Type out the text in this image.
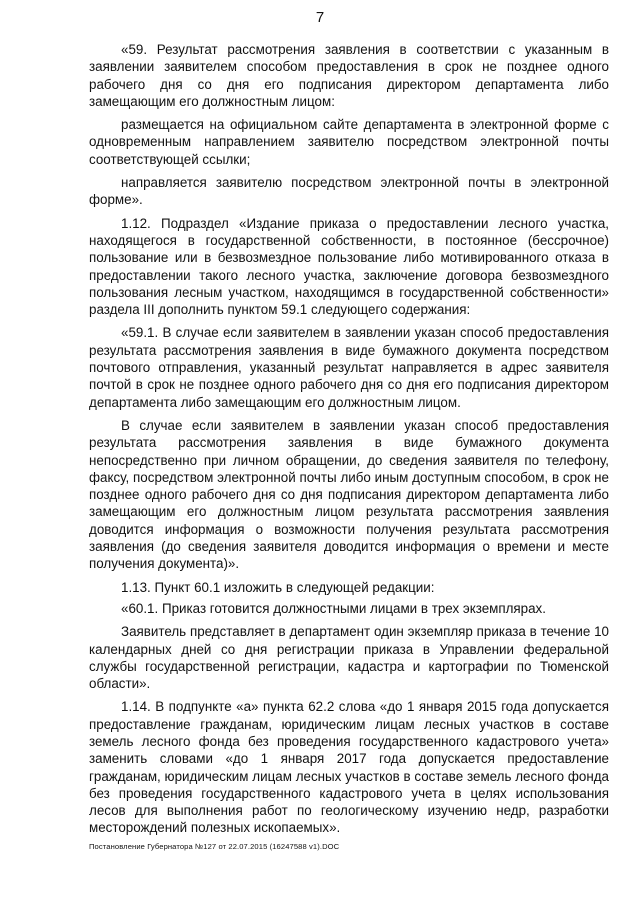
7

«59. Результат рассмотрения заявления в соответствии с указанным в заявлении заявителем способом предоставления в срок не позднее одного рабочего дня со дня его подписания директором департамента либо замещающим его должностным лицом:

размещается на официальном сайте департамента в электронной форме с одновременным направлением заявителю посредством электронной почты соответствующей ссылки;

направляется заявителю посредством электронной почты в электронной форме».

1.12. Подраздел «Издание приказа о предоставлении лесного участка, находящегося в государственной собственности, в постоянное (бессрочное) пользование или в безвозмездное пользование либо мотивированного отказа в предоставлении такого лесного участка, заключение договора безвозмездного пользования лесным участком, находящимся в государственной собственности» раздела III дополнить пунктом 59.1 следующего содержания:

«59.1. В случае если заявителем в заявлении указан способ предоставления результата рассмотрения заявления в виде бумажного документа посредством почтового отправления, указанный результат направляется в адрес заявителя почтой в срок не позднее одного рабочего дня со дня его подписания директором департамента либо замещающим его должностным лицом.

В случае если заявителем в заявлении указан способ предоставления результата рассмотрения заявления в виде бумажного документа непосредственно при личном обращении, до сведения заявителя по телефону, факсу, посредством электронной почты либо иным доступным способом, в срок не позднее одного рабочего дня со дня подписания директором департамента либо замещающим его должностным лицом результата рассмотрения заявления доводится информация о возможности получения результата рассмотрения заявления (до сведения заявителя доводится информация о времени и месте получения документа)».

1.13. Пункт 60.1 изложить в следующей редакции:

«60.1. Приказ готовится должностными лицами в трех экземплярах.

Заявитель представляет в департамент один экземпляр приказа в течение 10 календарных дней со дня регистрации приказа в Управлении федеральной службы государственной регистрации, кадастра и картографии по Тюменской области».

1.14. В подпункте «а» пункта 62.2 слова «до 1 января 2015 года допускается предоставление гражданам, юридическим лицам лесных участков в составе земель лесного фонда без проведения государственного кадастрового учета» заменить словами «до 1 января 2017 года допускается предоставление гражданам, юридическим лицам лесных участков в составе земель лесного фонда без проведения государственного кадастрового учета в целях использования лесов для выполнения работ по геологическому изучению недр, разработки месторождений полезных ископаемых».

Постановление Губернатора №127 от 22.07.2015 (16247588 v1).DOC
